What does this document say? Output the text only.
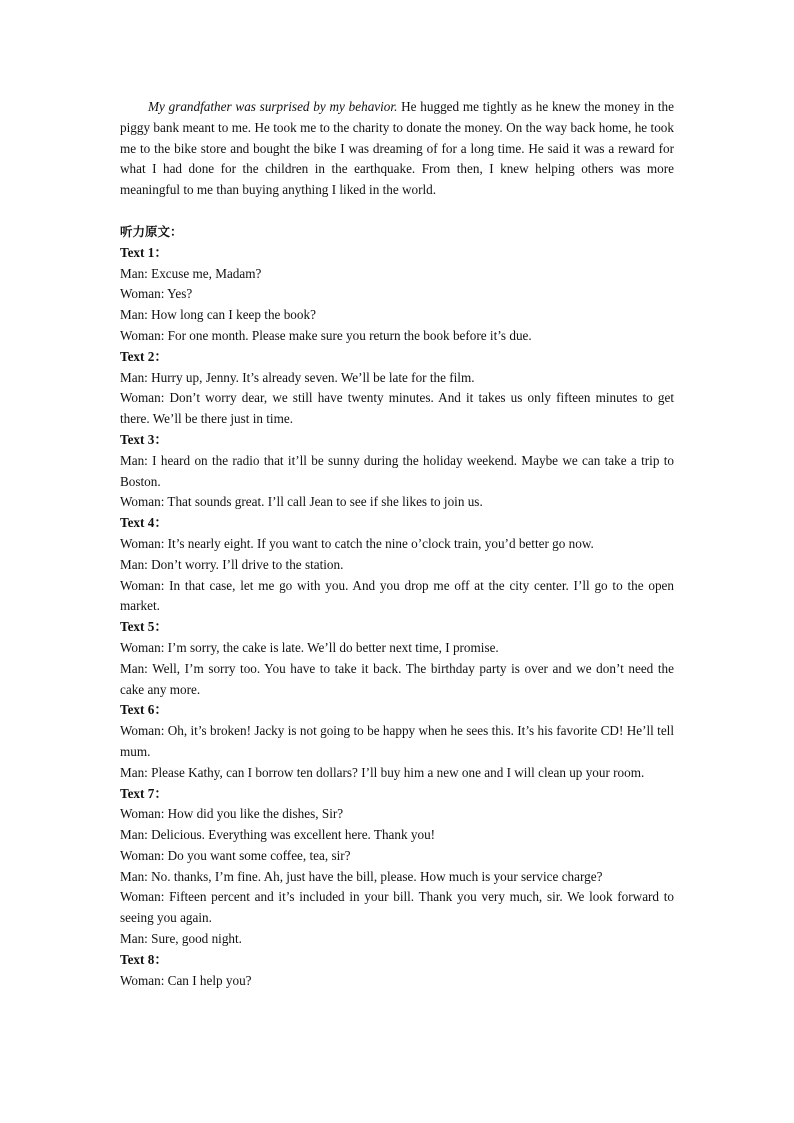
My grandfather was surprised by my behavior. He hugged me tightly as he knew the money in the piggy bank meant to me. He took me to the charity to donate the money. On the way back home, he took me to the bike store and bought the bike I was dreaming of for a long time. He said it was a reward for what I had done for the children in the earthquake. From then, I knew helping others was more meaningful to me than buying anything I liked in the world.

听力原文：

Text 1：

Man: Excuse me, Madam?

Woman: Yes?

Man: How long can I keep the book?

Woman: For one month. Please make sure you return the book before it’s due.

Text 2：

Man: Hurry up, Jenny. It’s already seven. We’ll be late for the film.

Woman: Don’t worry dear, we still have twenty minutes. And it takes us only fifteen minutes to get there. We’ll be there just in time.

Text 3：

Man: I heard on the radio that it’ll be sunny during the holiday weekend. Maybe we can take a trip to Boston.

Woman: That sounds great. I’ll call Jean to see if she likes to join us.

Text 4：

Woman: It’s nearly eight. If you want to catch the nine o’clock train, you’d better go now.

Man: Don’t worry. I’ll drive to the station.

Woman: In that case, let me go with you. And you drop me off at the city center. I’ll go to the open market.

Text 5：

Woman: I’m sorry, the cake is late. We’ll do better next time, I promise.

Man: Well, I’m sorry too. You have to take it back. The birthday party is over and we don’t need the cake any more.

Text 6：

Woman: Oh, it’s broken! Jacky is not going to be happy when he sees this. It’s his favorite CD! He’ll tell mum.

Man: Please Kathy, can I borrow ten dollars? I’ll buy him a new one and I will clean up your room.

Text 7：

Woman: How did you like the dishes, Sir?

Man: Delicious. Everything was excellent here. Thank you!

Woman: Do you want some coffee, tea, sir?

Man: No. thanks, I’m fine. Ah, just have the bill, please. How much is your service charge?

Woman: Fifteen percent and it’s included in your bill. Thank you very much, sir. We look forward to seeing you again.

Man: Sure, good night.

Text 8：

Woman: Can I help you?
